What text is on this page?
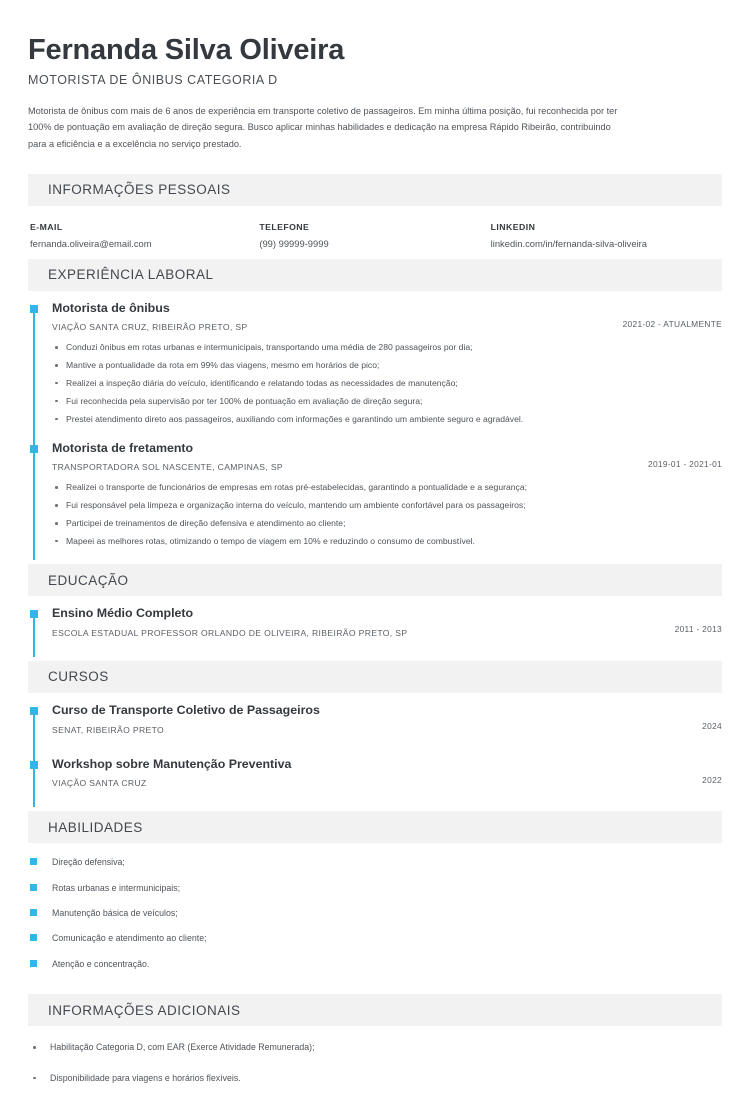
Fernanda Silva Oliveira
MOTORISTA DE ÔNIBUS CATEGORIA D

Motorista de ônibus com mais de 6 anos de experiência em transporte coletivo de passageiros. Em minha última posição, fui reconhecida por ter 100% de pontuação em avaliação de direção segura. Busco aplicar minhas habilidades e dedicação na empresa Rápido Ribeirão, contribuindo para a eficiência e a excelência no serviço prestado.

INFORMAÇÕES PESSOAIS
E-MAIL
fernanda.oliveira@email.com
TELEFONE
(99) 99999-9999
LINKEDIN
linkedin.com/in/fernanda-silva-oliveira
EXPERIÊNCIA LABORAL
Motorista de ônibus
VIAÇÃO SANTA CRUZ, RIBEIRÃO PRETO, SP
Conduzi ônibus em rotas urbanas e intermunicipais, transportando uma média de 280 passageiros por dia;
Mantive a pontualidade da rota em 99% das viagens, mesmo em horários de pico;
Realizei a inspeção diária do veículo, identificando e relatando todas as necessidades de manutenção;
Fui reconhecida pela supervisão por ter 100% de pontuação em avaliação de direção segura;
Prestei atendimento direto aos passageiros, auxiliando com informações e garantindo um ambiente seguro e agradável.
2021-02 - ATUALMENTE
Motorista de fretamento
TRANSPORTADORA SOL NASCENTE, CAMPINAS, SP
Realizei o transporte de funcionários de empresas em rotas pré-estabelecidas, garantindo a pontualidade e a segurança;
Fui responsável pela limpeza e organização interna do veículo, mantendo um ambiente confortável para os passageiros;
Participei de treinamentos de direção defensiva e atendimento ao cliente;
Mapeei as melhores rotas, otimizando o tempo de viagem em 10% e reduzindo o consumo de combustível.
2019-01 - 2021-01
EDUCAÇÃO
Ensino Médio Completo
ESCOLA ESTADUAL PROFESSOR ORLANDO DE OLIVEIRA, RIBEIRÃO PRETO, SP	2011 - 2013
CURSOS
Curso de Transporte Coletivo de Passageiros
SENAT, RIBEIRÃO PRETO	2024
Workshop sobre Manutenção Preventiva
VIAÇÃO SANTA CRUZ	2022
HABILIDADES
Direção defensiva;
Rotas urbanas e intermunicipais;
Manutenção básica de veículos;
Comunicação e atendimento ao cliente;
Atenção e concentração.
INFORMAÇÕES ADICIONAIS
Habilitação Categoria D, com EAR (Exerce Atividade Remunerada);
Disponibilidade para viagens e horários flexíveis.
